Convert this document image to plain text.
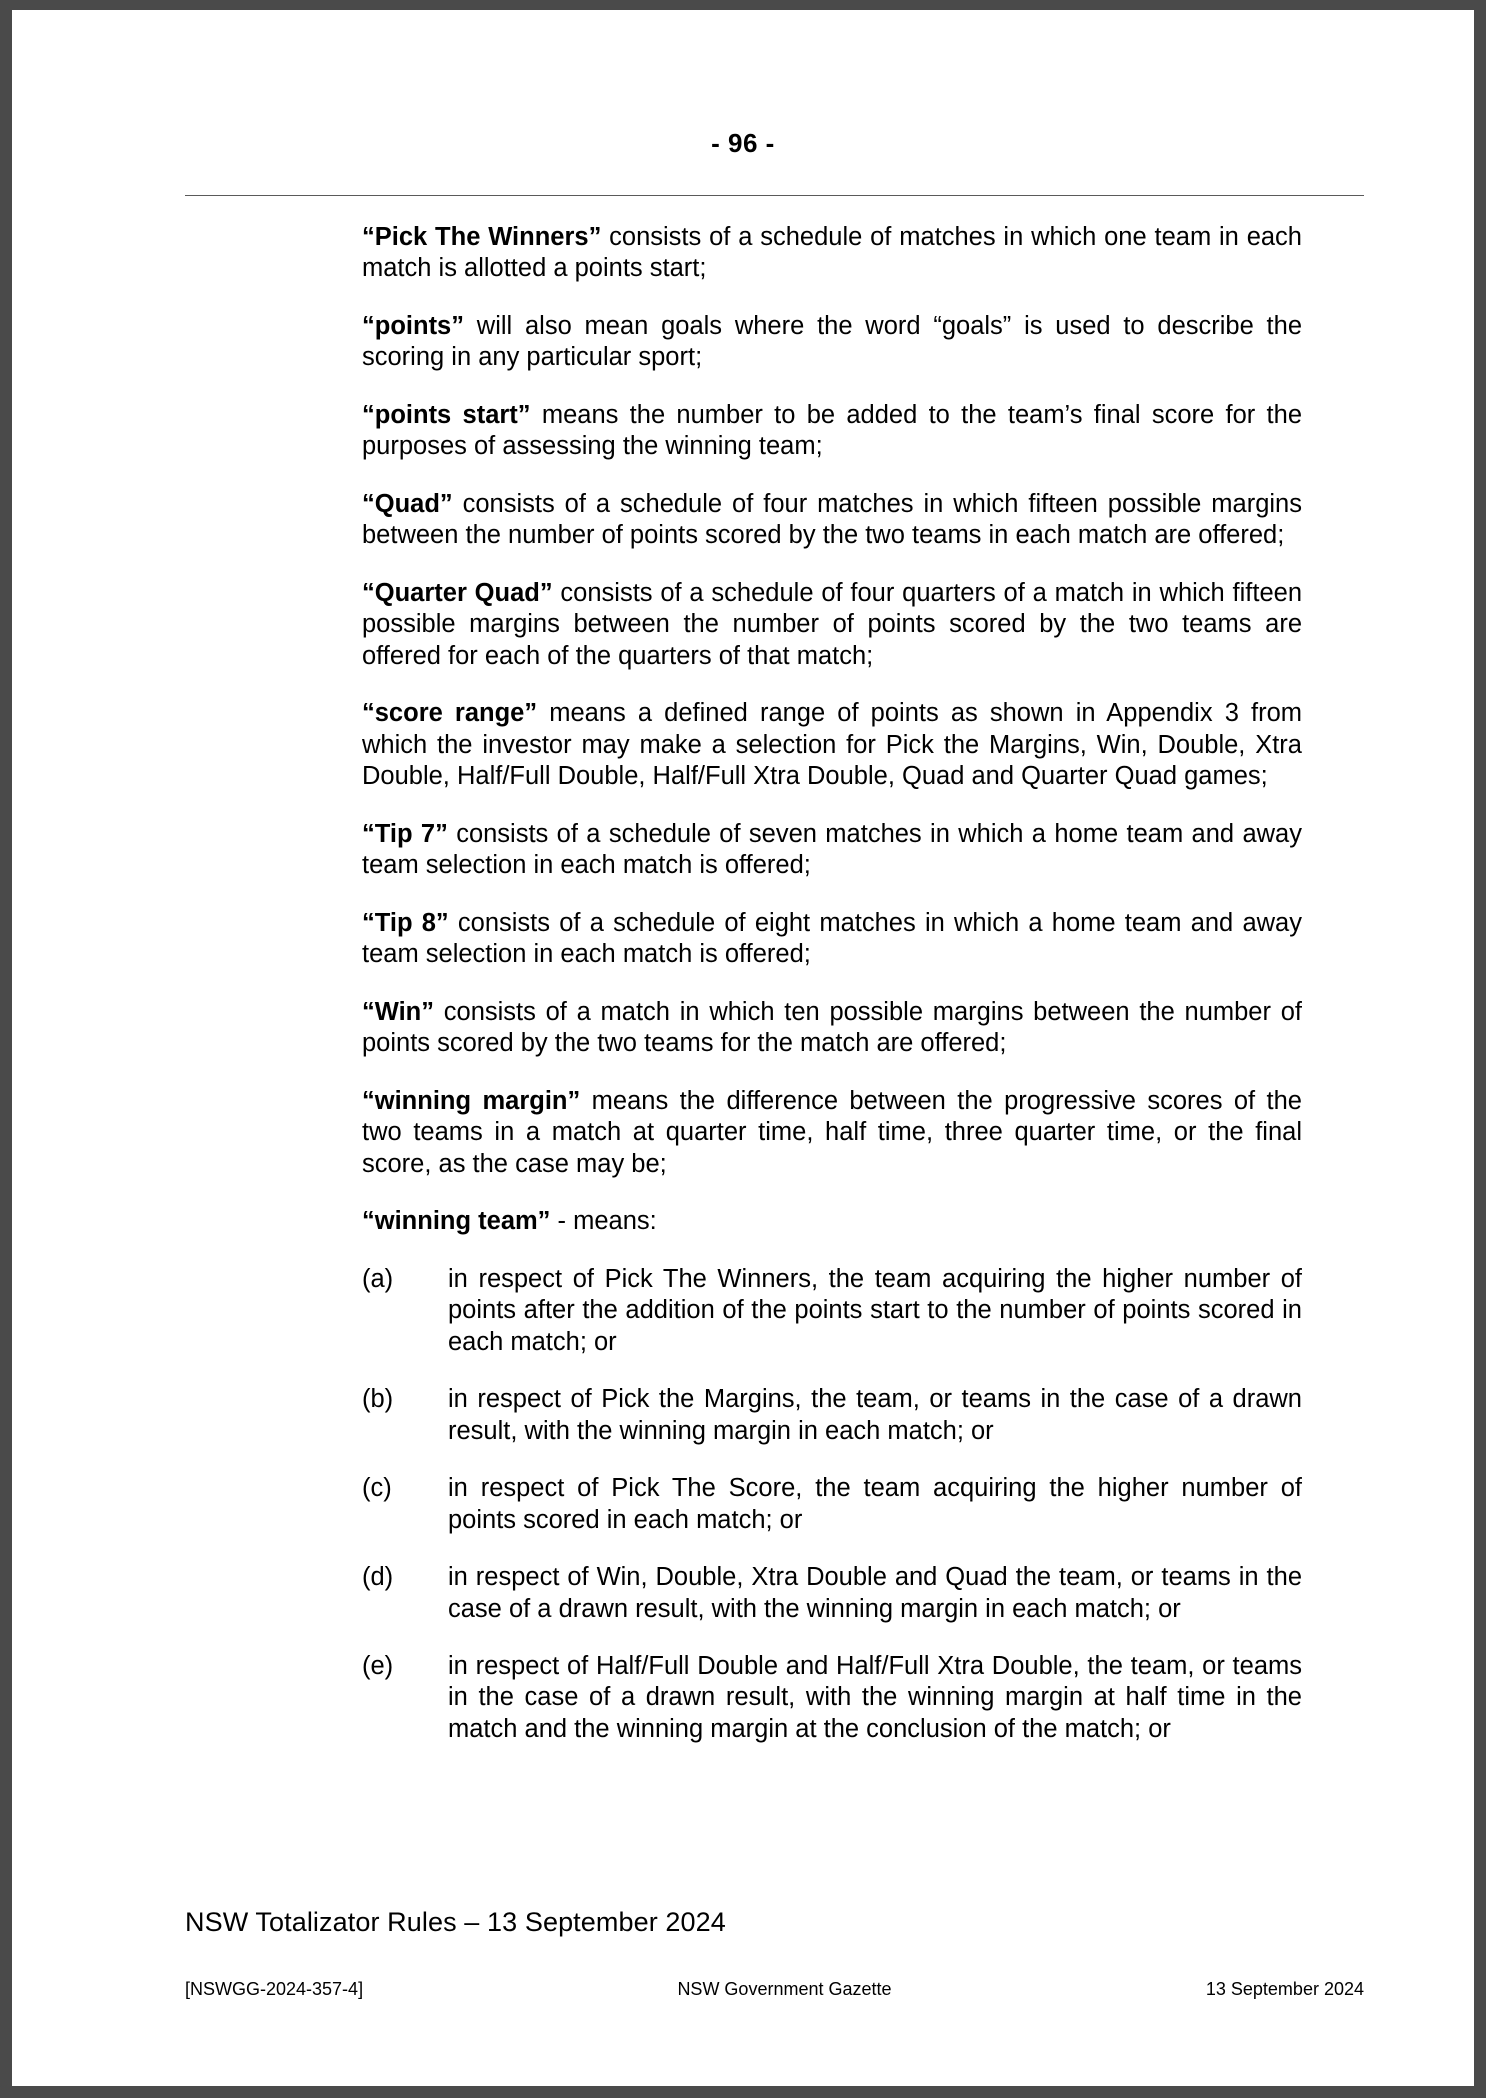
- 96 -

“Pick The Winners” consists of a schedule of matches in which one team in each match is allotted a points start;

“points” will also mean goals where the word “goals” is used to describe the scoring in any particular sport;

“points start” means the number to be added to the team’s final score for the purposes of assessing the winning team;

“Quad” consists of a schedule of four matches in which fifteen possible margins between the number of points scored by the two teams in each match are offered;

“Quarter Quad” consists of a schedule of four quarters of a match in which fifteen possible margins between the number of points scored by the two teams are offered for each of the quarters of that match;

“score range” means a defined range of points as shown in Appendix 3 from which the investor may make a selection for Pick the Margins, Win, Double, Xtra Double, Half/Full Double, Half/Full Xtra Double, Quad and Quarter Quad games;

“Tip 7” consists of a schedule of seven matches in which a home team and away team selection in each match is offered;

“Tip 8” consists of a schedule of eight matches in which a home team and away team selection in each match is offered;

“Win” consists of a match in which ten possible margins between the number of points scored by the two teams for the match are offered;

“winning margin” means the difference between the progressive scores of the two teams in a match at quarter time, half time, three quarter time, or the final score, as the case may be;

“winning team” - means:

(a)	in respect of Pick The Winners, the team acquiring the higher number of points after the addition of the points start to the number of points scored in each match; or
(b)	in respect of Pick the Margins, the team, or teams in the case of a drawn result, with the winning margin in each match; or
(c)	in respect of Pick The Score, the team acquiring the higher number of points scored in each match; or
(d)	in respect of Win, Double, Xtra Double and Quad the team, or teams in the case of a drawn result, with the winning margin in each match; or
(e)	in respect of Half/Full Double and Half/Full Xtra Double, the team, or teams in the case of a drawn result, with the winning margin at half time in the match and the winning margin at the conclusion of the match; or
NSW Totalizator Rules – 13 September 2024
[NSWGG-2024-357-4]	NSW Government Gazette	13 September 2024
